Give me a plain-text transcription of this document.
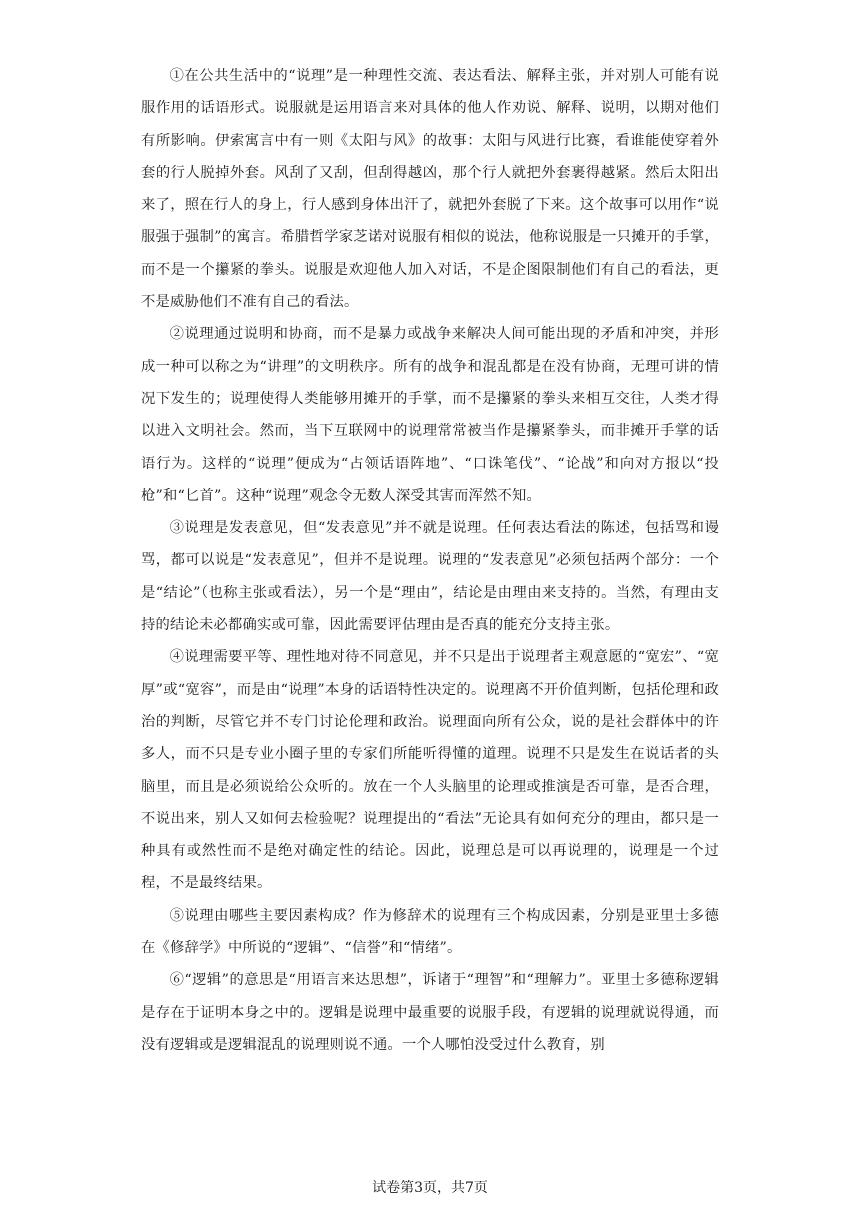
①在公共生活中的“说理”是一种理性交流、表达看法、解释主张，并对别人可能有说服作用的话语形式。说服就是运用语言来对具体的他人作劝说、解释、说明，以期对他们有所影响。伊索寓言中有一则《太阳与风》的故事：太阳与风进行比赛，看谁能使穿着外套的行人脱掉外套。风刮了又刮，但刮得越凶，那个行人就把外套裹得越紧。然后太阳出来了，照在行人的身上，行人感到身体出汗了，就把外套脱了下来。这个故事可以用作“说服强于强制”的寓言。希腊哲学家芝诺对说服有相似的说法，他称说服是一只摊开的手掌，而不是一个攥紧的拳头。说服是欢迎他人加入对话，不是企图限制他们有自己的看法，更不是威胁他们不准有自己的看法。

②说理通过说明和协商，而不是暴力或战争来解决人间可能出现的矛盾和冲突，并形成一种可以称之为“讲理”的文明秩序。所有的战争和混乱都是在没有协商，无理可讲的情况下发生的；说理使得人类能够用摊开的手掌，而不是攥紧的拳头来相互交往，人类才得以进入文明社会。然而，当下互联网中的说理常常被当作是攥紧拳头，而非摊开手掌的话语行为。这样的“说理”便成为“占领话语阵地”、“口诛笔伐”、“论战”和向对方报以“投枪”和“匕首”。这种“说理”观念令无数人深受其害而浑然不知。

③说理是发表意见，但“发表意见”并不就是说理。任何表达看法的陈述，包括骂和谩骂，都可以说是“发表意见”，但并不是说理。说理的“发表意见”必须包括两个部分：一个是“结论”（也称主张或看法），另一个是“理由”，结论是由理由来支持的。当然，有理由支持的结论未必都确实或可靠，因此需要评估理由是否真的能充分支持主张。

④说理需要平等、理性地对待不同意见，并不只是出于说理者主观意愿的“宽宏”、“宽厚”或“宽容”，而是由“说理”本身的话语特性决定的。说理离不开价值判断，包括伦理和政治的判断，尽管它并不专门讨论伦理和政治。说理面向所有公众，说的是社会群体中的许多人，而不只是专业小圈子里的专家们所能听得懂的道理。说理不只是发生在说话者的头脑里，而且是必须说给公众听的。放在一个人头脑里的论理或推演是否可靠，是否合理，不说出来，别人又如何去检验呢？说理提出的“看法”无论具有如何充分的理由，都只是一种具有或然性而不是绝对确定性的结论。因此，说理总是可以再说理的，说理是一个过程，不是最终结果。

⑤说理由哪些主要因素构成？作为修辞术的说理有三个构成因素，分别是亚里士多德在《修辞学》中所说的“逻辑”、“信誉”和“情绪”。

⑥“逻辑”的意思是“用语言来达思想”，诉诸于“理智”和“理解力”。亚里士多德称逻辑是存在于证明本身之中的。逻辑是说理中最重要的说服手段，有逻辑的说理就说得通，而没有逻辑或是逻辑混乱的说理则说不通。一个人哪怕没受过什么教育，别

试卷第3页，共7页
